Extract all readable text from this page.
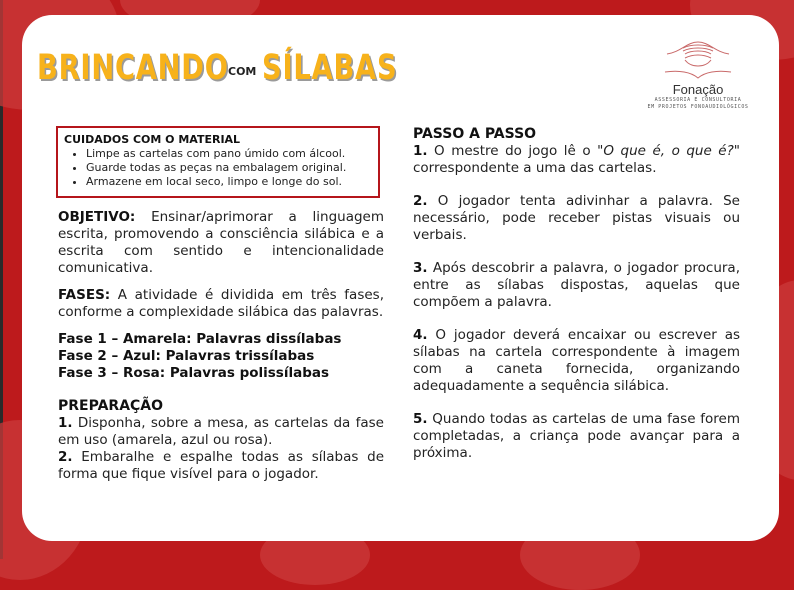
BRINCANDO COM SÍLABAS
Fonação
ASSESSORIA E CONSULTORIA
EM PROJETOS FONOAUDIOLÓGICOS
CUIDADOS COM O MATERIAL
• Limpe as cartelas com pano úmido com álcool.
• Guarde todas as peças na embalagem original.
• Armazene em local seco, limpo e longe do sol.

OBJETIVO: Ensinar/aprimorar a linguagem escrita, promovendo a consciência silábica e a escrita com sentido e intencionalidade comunicativa.

FASES: A atividade é dividida em três fases, conforme a complexidade silábica das palavras.

Fase 1 – Amarela: Palavras dissílabas
Fase 2 – Azul: Palavras trissílabas
Fase 3 – Rosa: Palavras polissílabas
PREPARAÇÃO

1. Disponha, sobre a mesa, as cartelas da fase em uso (amarela, azul ou rosa).

2. Embaralhe e espalhe todas as sílabas de forma que fique visível para o jogador.

PASSO A PASSO

1. O mestre do jogo lê o "O que é, o que é?" correspondente a uma das cartelas.

2. O jogador tenta adivinhar a palavra. Se necessário, pode receber pistas visuais ou verbais.

3. Após descobrir a palavra, o jogador procura, entre as sílabas dispostas, aquelas que compõem a palavra.

4. O jogador deverá encaixar ou escrever as sílabas na cartela correspondente à imagem com a caneta fornecida, organizando adequadamente a sequência silábica.

5. Quando todas as cartelas de uma fase forem completadas, a criança pode avançar para a próxima.
